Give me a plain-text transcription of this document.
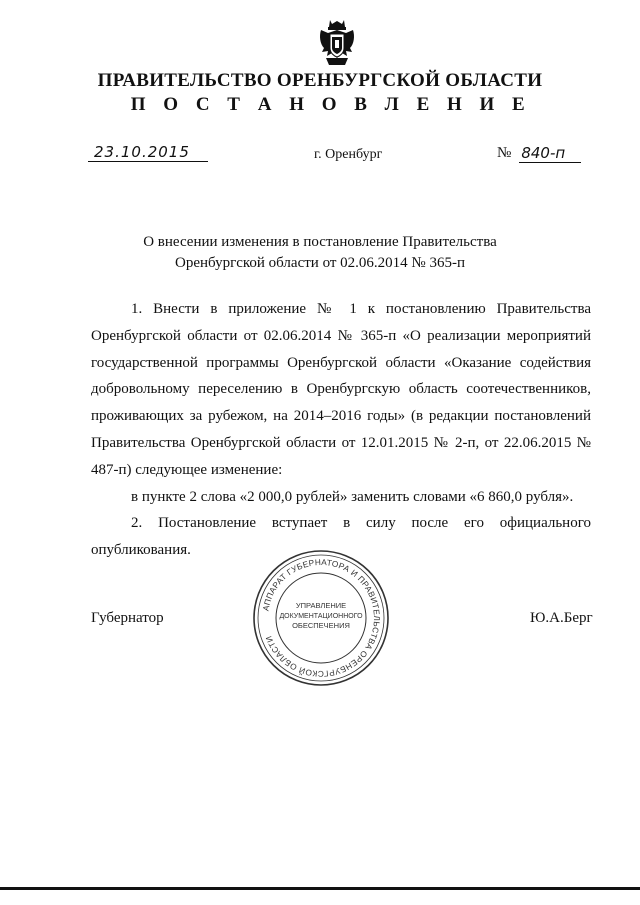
ПРАВИТЕЛЬСТВО ОРЕНБУРГСКОЙ ОБЛАСТИ
П О С Т А Н О В Л Е Н И Е
23.10.2015	г. Оренбург	№ 840-п
О внесении изменения в постановление Правительства
Оренбургской области от 02.06.2014 № 365-п

1. Внести в приложение № 1 к постановлению Правительства Оренбургской области от 02.06.2014 № 365-п «О реализации мероприятий государственной программы Оренбургской области «Оказание содействия добровольному переселению в Оренбургскую область соотечественников, проживающих за рубежом, на 2014–2016 годы» (в редакции постановлений Правительства Оренбургской области от 12.01.2015 № 2-п, от 22.06.2015 № 487-п) следующее изменение:

в пункте 2 слова «2 000,0 рублей» заменить словами «6 860,0 рубля».

2. Постановление вступает в силу после его официального опубликования.

АППАРАТ ГУБЕРНАТОРА И ПРАВИТЕЛЬСТВА ОРЕНБУРГСКОЙ ОБЛАСТИ
УПРАВЛЕНИЕ
ДОКУМЕНТАЦИОННОГО
ОБЕСПЕЧЕНИЯ
Губернатор	Ю.А.Берг
